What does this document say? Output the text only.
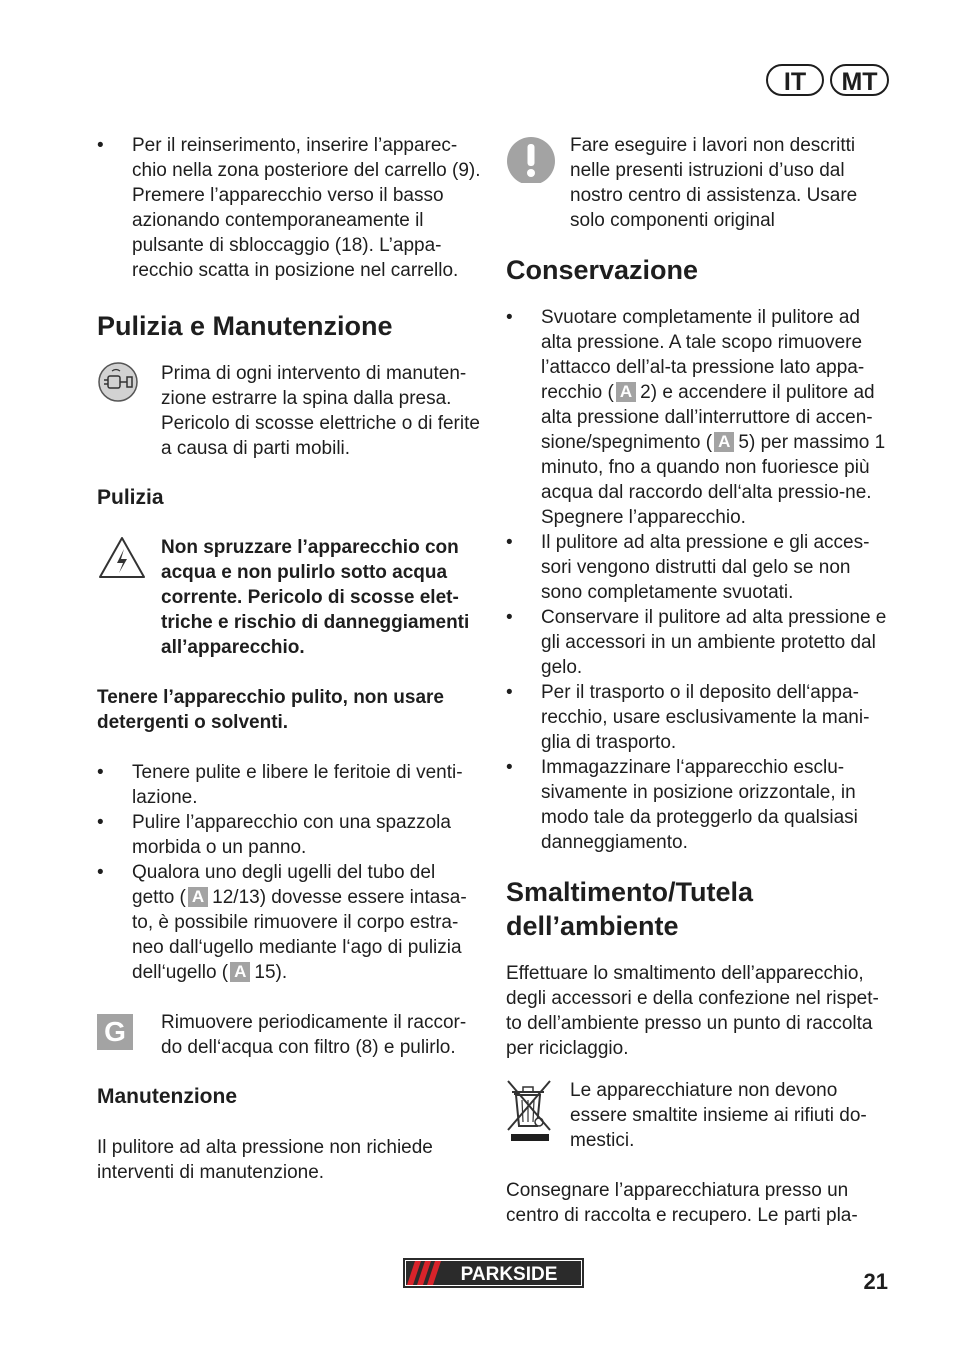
IT	MT
• Per il reinserimento, inserire l’apparec-chio nella zona posteriore del carrello (9). Premere l’apparecchio verso il basso azionando contemporaneamente il pulsante di sbloccaggio (18). L’appa-recchio scatta in posizione nel carrello.
Pulizia e Manutenzione

Prima di ogni intervento di manuten-zione estrarre la spina dalla presa. Pericolo di scosse elettriche o di ferite a causa di parti mobili.

Pulizia

Non spruzzare l’apparecchio con acqua e non pulirlo sotto acqua corrente. Pericolo di scosse elet-triche e rischio di danneggiamenti all’apparecchio.

Tenere l’apparecchio pulito, non usare detergenti o solventi.

• Tenere pulite e libere le feritoie di venti-lazione.
• Pulire l’apparecchio con una spazzola morbida o un panno.
• Qualora uno degli ugelli del tubo del getto ( A 12/13) dovesse essere intasa-to, è possibile rimuovere il corpo estra-neo dall‘ugello mediante l‘ago di pulizia dell‘ugello ( A 15).
G	Rimuovere periodicamente il raccor-do dell‘acqua con filtro (8) e pulirlo.

Manutenzione

Il pulitore ad alta pressione non richiede interventi di manutenzione.

Fare eseguire i lavori non descritti nelle presenti istruzioni d’uso dal nostro centro di assistenza. Usare solo componenti original

Conservazione
• Svuotare completamente il pulitore ad alta pressione. A tale scopo rimuovere l’attacco dell’al-ta pressione lato appa-recchio ( A 2) e accendere il pulitore ad alta pressione dall’interruttore di accen-sione/spegnimento ( A 5) per massimo 1 minuto, fno a quando non fuoriesce più acqua dal raccordo dell‘alta pressio-ne. Spegnere l’apparecchio.
• Il pulitore ad alta pressione e gli acces-sori vengono distrutti dal gelo se non sono completamente svuotati.
• Conservare il pulitore ad alta pressione e gli accessori in un ambiente protetto dal gelo.
• Per il trasporto o il deposito dell‘appa-recchio, usare esclusivamente la mani-glia di trasporto.
• Immagazzinare l‘apparecchio esclu-sivamente in posizione orizzontale, in modo tale da proteggerlo da qualsiasi danneggiamento.
Smaltimento/Tutela dell’ambiente

Effettuare lo smaltimento dell’apparecchio, degli accessori e della confezione nel rispet-to dell’ambiente presso un punto di raccolta per riciclaggio.

Le apparecchiature non devono essere smaltite insieme ai rifiuti do-mestici.

Consegnare l’apparecchiatura presso un centro di raccolta e recupero. Le parti pla-

PARKSIDE	21
